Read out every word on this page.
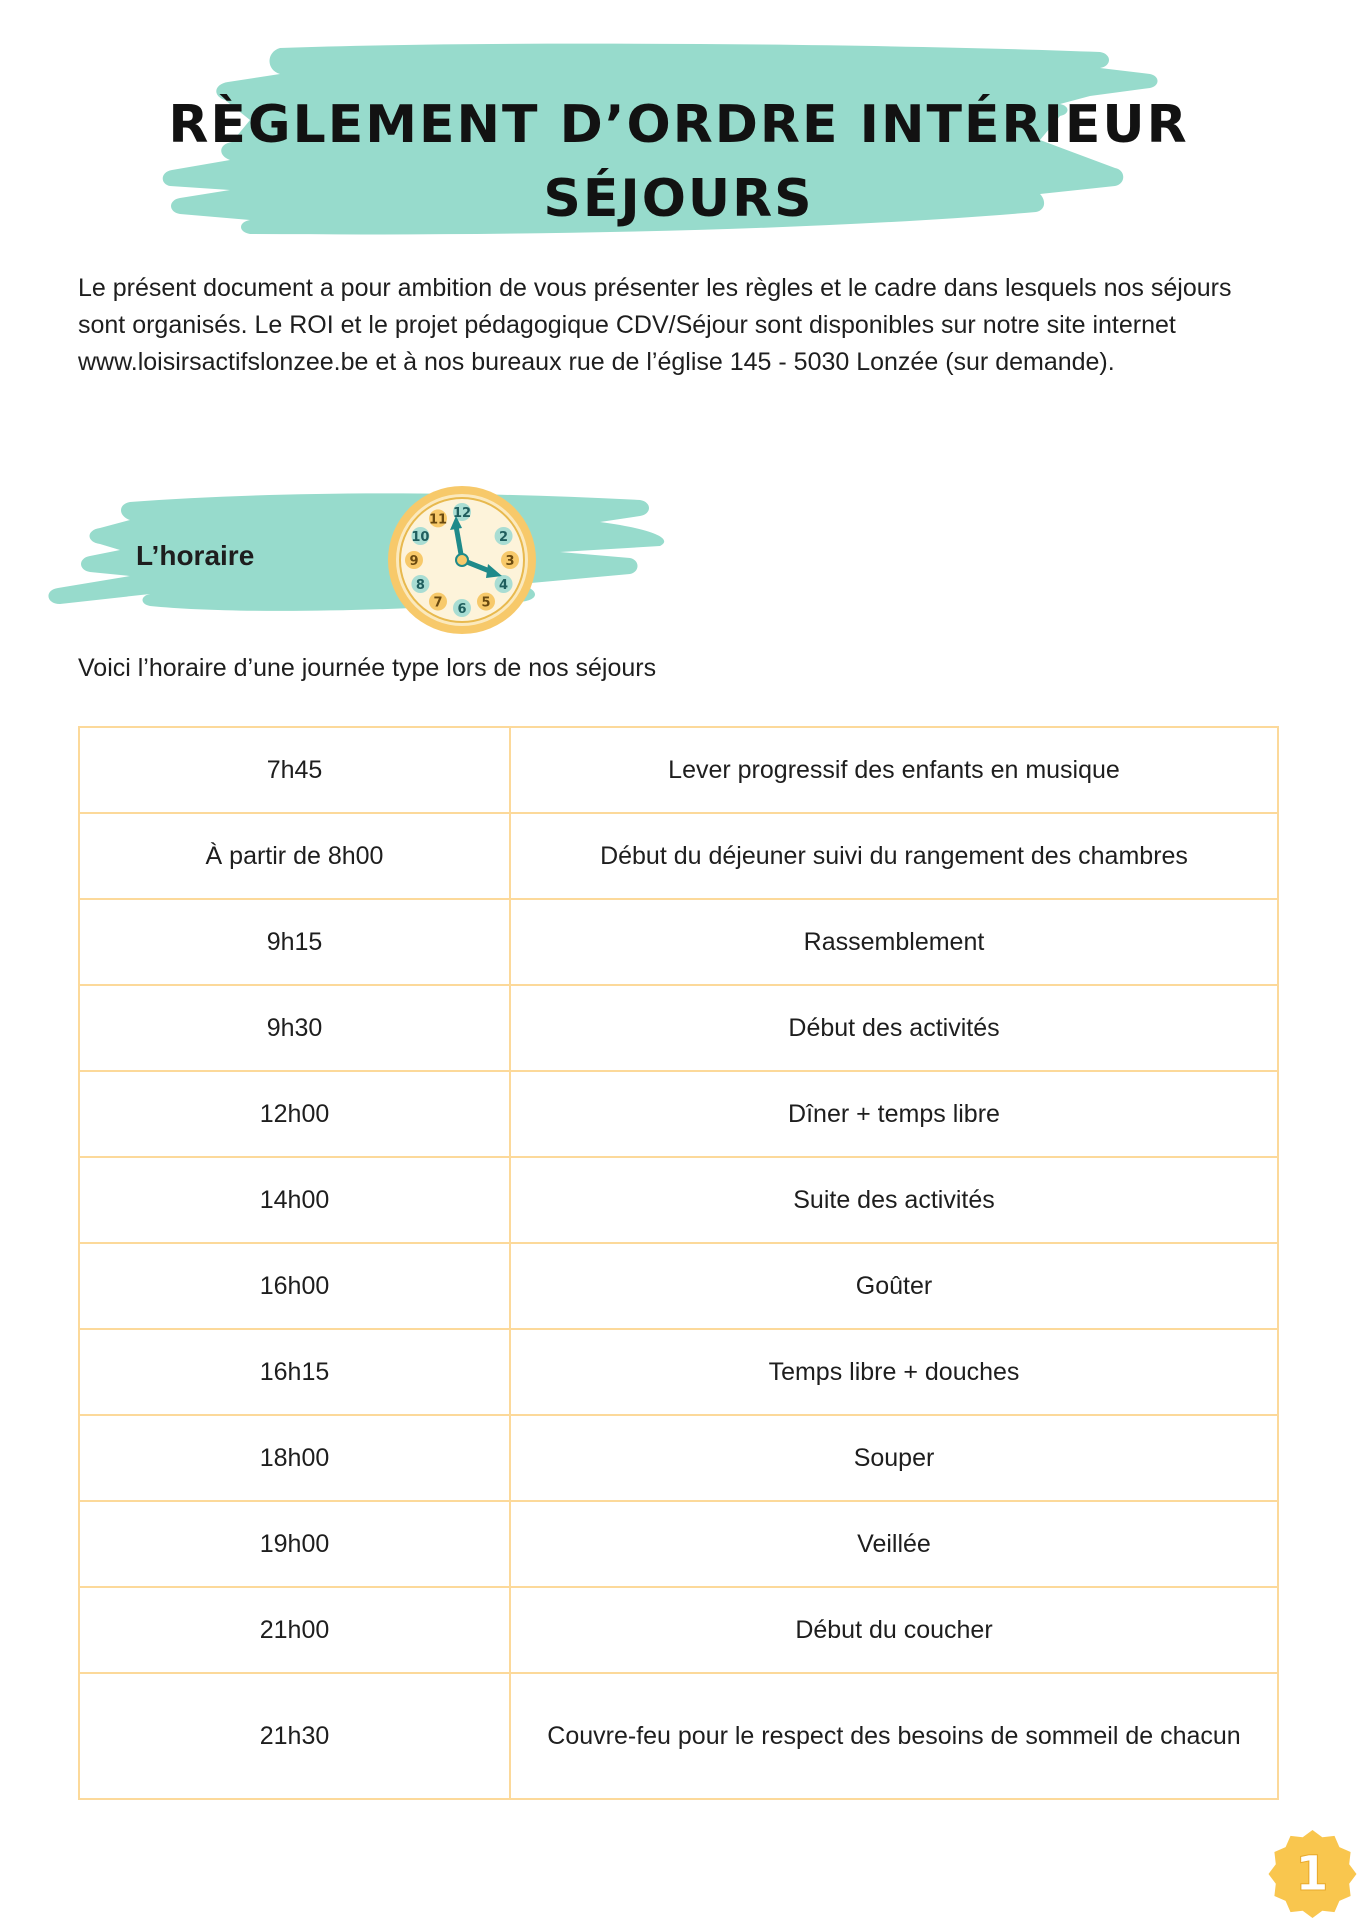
RÈGLEMENT D’ORDRE INTÉRIEUR
SÉJOURS

Le présent document a pour ambition de vous présenter les règles et le cadre dans lesquels nos séjours sont organisés. Le ROI et le projet pédagogique CDV/Séjour sont disponibles sur notre site internet www.loisirsactifslonzee.be et à nos bureaux rue de l’église 145 - 5030 Lonzée (sur demande).

L’horaire

12
2
3
4
5
6
7
8
9
10
11

Voici l’horaire d’une journée type lors de nos séjours

7h45	Lever progressif des enfants en musique
À partir de 8h00	Début du déjeuner suivi du rangement des chambres
9h15	Rassemblement
9h30	Début des activités
12h00	Dîner + temps libre
14h00	Suite des activités
16h00	Goûter
16h15	Temps libre + douches
18h00	Souper
19h00	Veillée
21h00	Début du coucher
21h30	Couvre-feu pour le respect des besoins de sommeil de chacun
1
